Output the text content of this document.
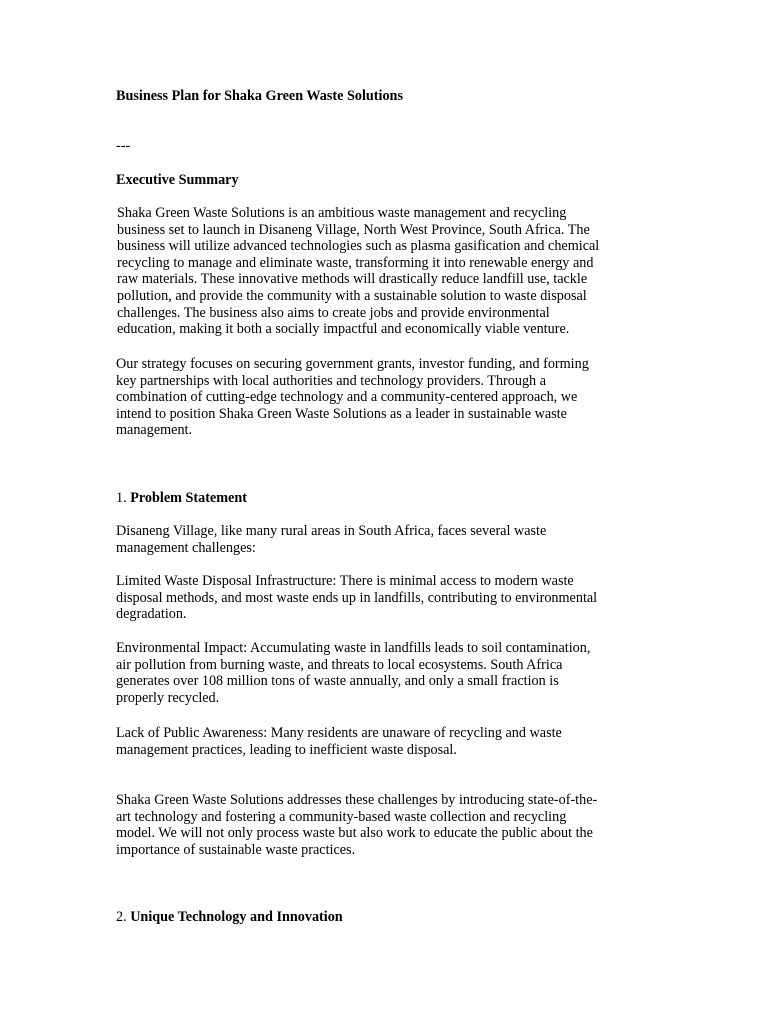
Business Plan for Shaka Green Waste Solutions

---

Executive Summary

Shaka Green Waste Solutions is an ambitious waste management and recycling
business set to launch in Disaneng Village, North West Province, South Africa. The
business will utilize advanced technologies such as plasma gasification and chemical
recycling to manage and eliminate waste, transforming it into renewable energy and
raw materials. These innovative methods will drastically reduce landfill use, tackle
pollution, and provide the community with a sustainable solution to waste disposal
challenges. The business also aims to create jobs and provide environmental
education, making it both a socially impactful and economically viable venture.
Our strategy focuses on securing government grants, investor funding, and forming
key partnerships with local authorities and technology providers. Through a
combination of cutting-edge technology and a community-centered approach, we
intend to position Shaka Green Waste Solutions as a leader in sustainable waste
management.

1. Problem Statement

Disaneng Village, like many rural areas in South Africa, faces several waste
management challenges:
Limited Waste Disposal Infrastructure: There is minimal access to modern waste
disposal methods, and most waste ends up in landfills, contributing to environmental
degradation.
Environmental Impact: Accumulating waste in landfills leads to soil contamination,
air pollution from burning waste, and threats to local ecosystems. South Africa
generates over 108 million tons of waste annually, and only a small fraction is
properly recycled.
Lack of Public Awareness: Many residents are unaware of recycling and waste
management practices, leading to inefficient waste disposal.
Shaka Green Waste Solutions addresses these challenges by introducing state-of-the-
art technology and fostering a community-based waste collection and recycling
model. We will not only process waste but also work to educate the public about the
importance of sustainable waste practices.

2. Unique Technology and Innovation
